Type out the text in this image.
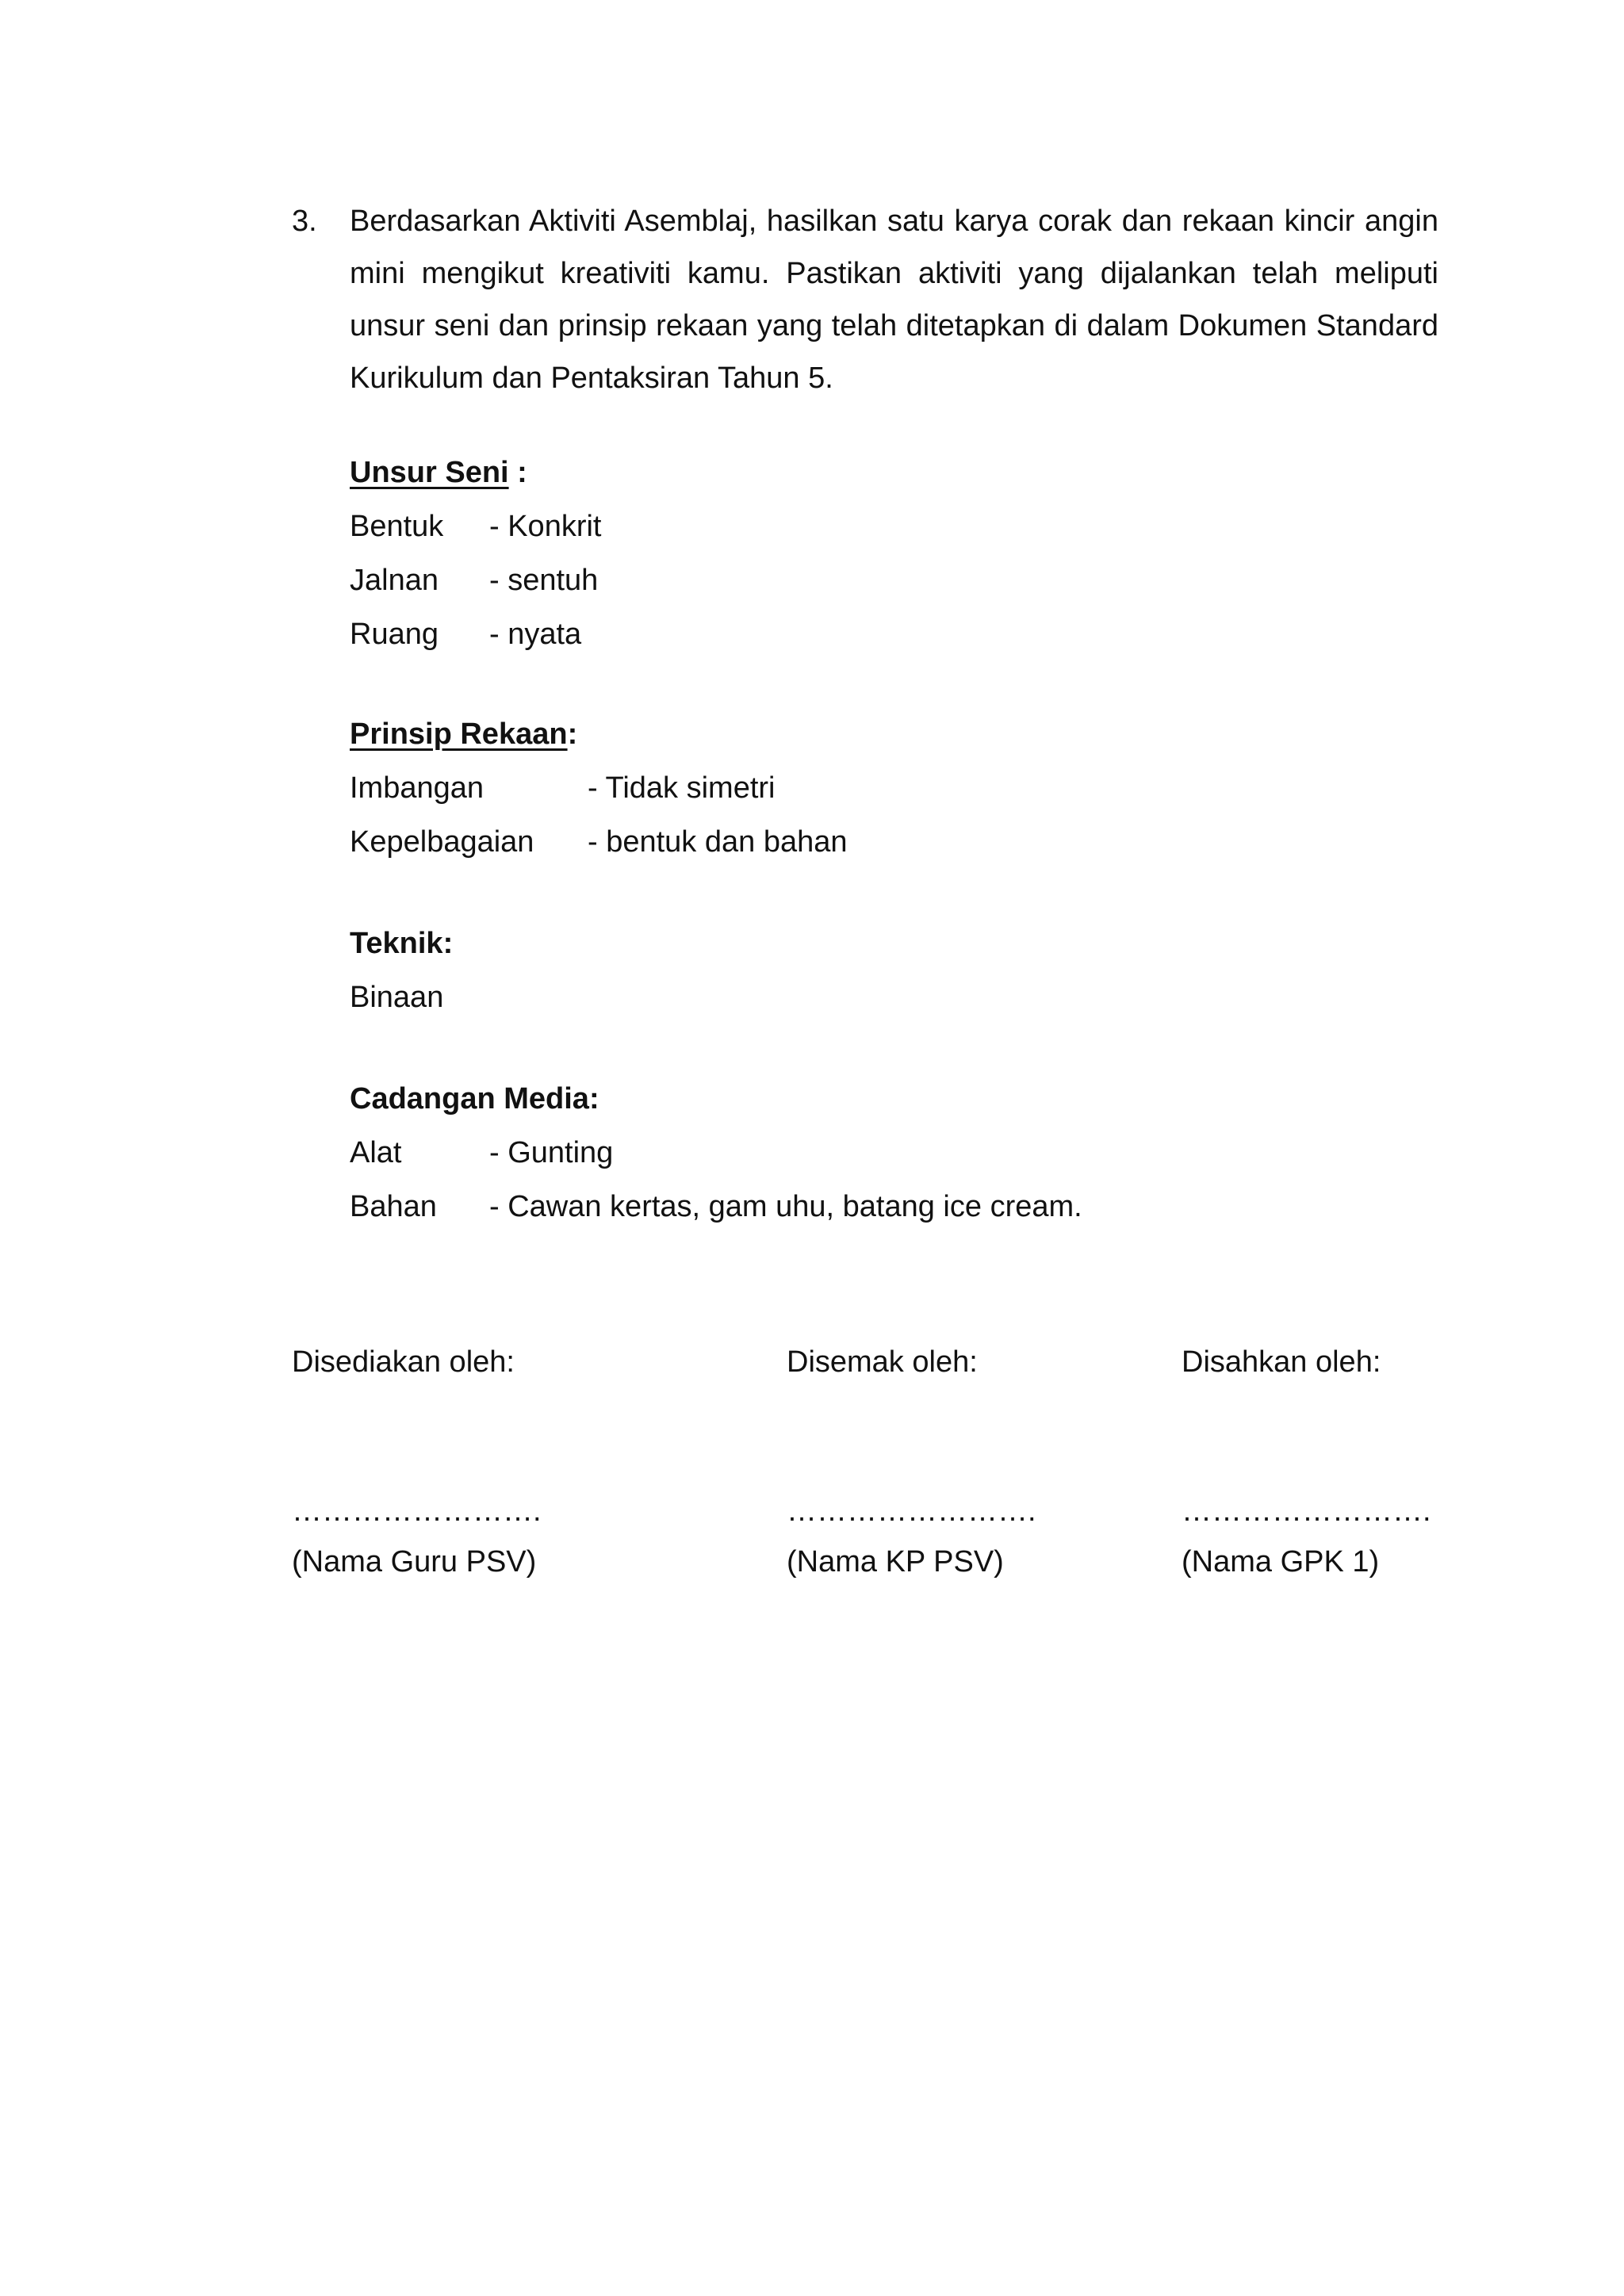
3. Berdasarkan Aktiviti Asemblaj, hasilkan satu karya corak dan rekaan kincir angin mini mengikut kreativiti kamu. Pastikan aktiviti yang dijalankan telah meliputi unsur seni dan prinsip rekaan yang telah ditetapkan di dalam Dokumen Standard Kurikulum dan Pentaksiran Tahun 5.
Unsur Seni :
Bentuk	- Konkrit
Jalnan	- sentuh
Ruang	- nyata
Prinsip Rekaan:
Imbangan	- Tidak simetri
Kepelbagaian	- bentuk dan bahan
Teknik:
Binaan
Cadangan Media:
Alat	- Gunting
Bahan	- Cawan kertas, gam uhu, batang ice cream.
Disediakan oleh:
…………………….
(Nama Guru PSV)
Disemak oleh:
…………………….
(Nama KP PSV)
Disahkan oleh:
…………………….
(Nama GPK 1)
